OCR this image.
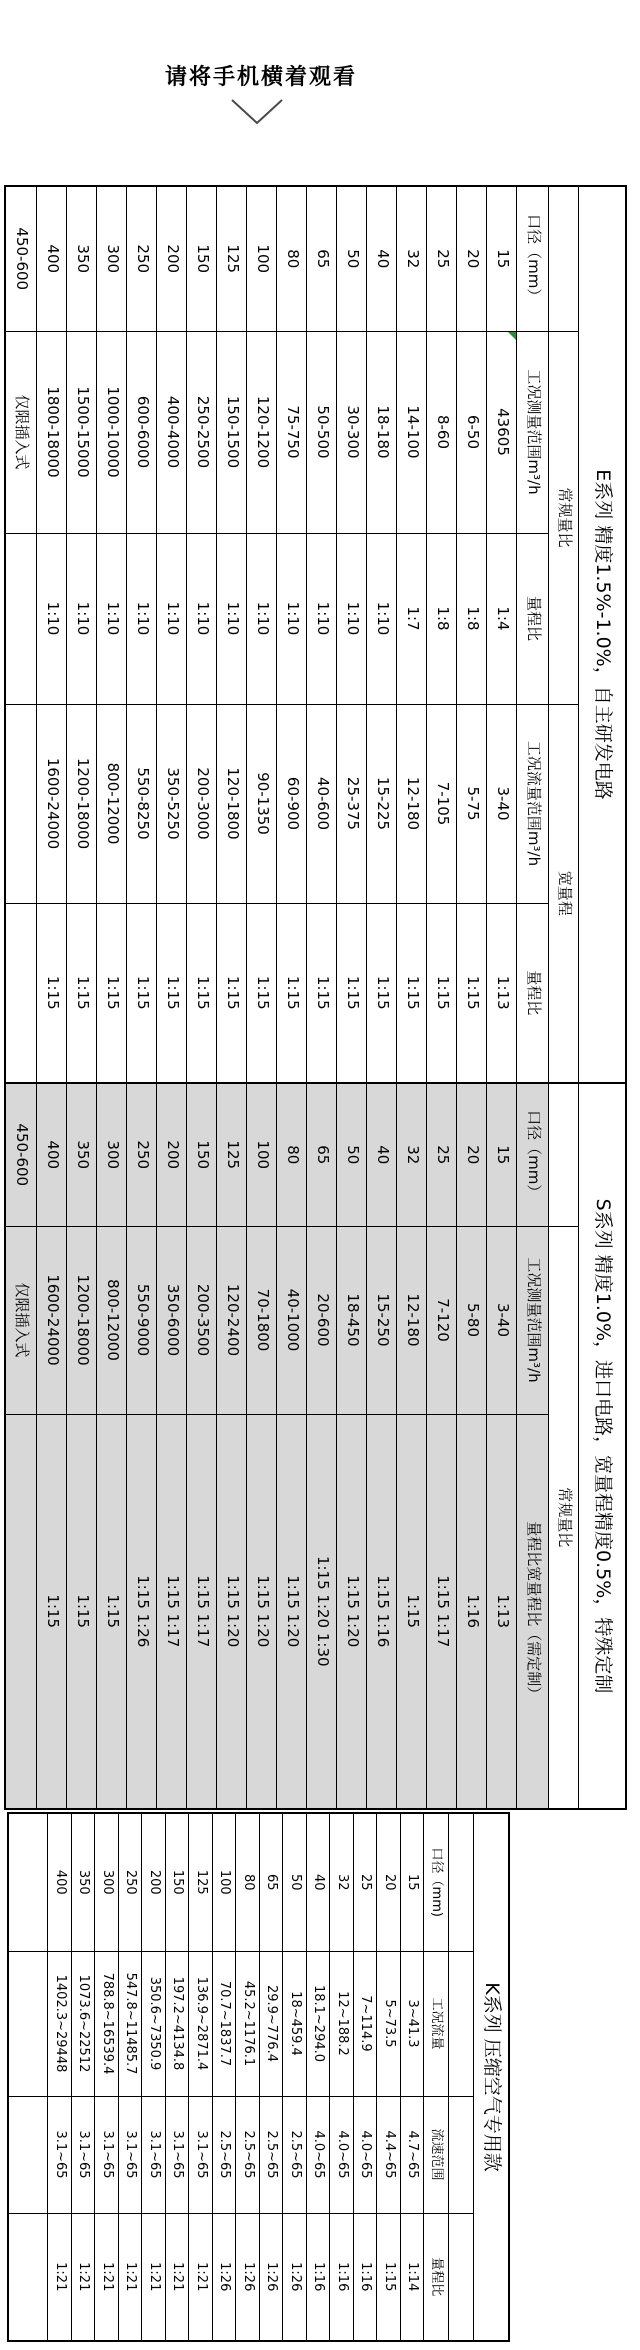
请将手机横着观看
E系列 精度1.5%-1.0%，自主研发电路				
	常规量比		宽量程	
口径（mm）	工况测量范围m³/h	量程比	工况流量范围m³/h	量程比
15	43605	1:4	3-40	1:13
20	6-50	1:8	5-75	1:15
25	8-60	1:8	7-105	1:15
32	14-100	1:7	12-180	1:15
40	18-180	1:10	15-225	1:15
50	30-300	1:10	25-375	1:15
65	50-500	1:10	40-600	1:15
80	75-750	1:10	60-900	1:15
100	120-1200	1:10	90-1350	1:15
125	150-1500	1:10	120-1800	1:15
150	250-2500	1:10	200-3000	1:15
200	400-4000	1:10	350-5250	1:15
250	600-6000	1:10	550-8250	1:15
300	1000-10000	1:10	800-12000	1:15
350	1500-15000	1:10	1200-18000	1:15
400	1800-18000	1:10	1600-24000	1:15
450-600	仅限插入式			
S系列 精度1.0%，进口电路，宽量程精度0.5%，特殊定制		
	常规量比	
口径（mm）	工况测量范围m³/h	量程比宽量程比（需定制）
15	3-40	1:13
20	5-80	1:16
25	7-120	1:15 1:17
32	12-180	1:15
40	15-250	1:15 1:16
50	18-450	1:15 1:20
65	20-600	1:15 1:20 1:30
80	40-1000	1:15 1:20
100	70-1800	1:15 1:20
125	120-2400	1:15 1:20
150	200-3500	1:15 1:17
200	350-6000	1:15 1:17
250	550-9000	1:15 1:26
300	800-12000	1:15
350	1200-18000	1:15
400	1600-24000	1:15
450-600	仅限插入式	
K系列 压缩空气专用款			

口径（mm)	工况流量	流速范围	量程比
15	3~41.3	4.7~65	1:14
20	5~73.5	4.4~65	1:15
25	7~114.9	4.0~65	1:16
32	12~188.2	4.0~65	1:16
40	18.1~294.0	4.0~65	1:16
50	18~459.4	2.5~65	1:26
65	29.9~776.4	2.5~65	1:26
80	45.2~1176.1	2.5~65	1:26
100	70.7~1837.7	2.5~65	1:26
125	136.9~2871.4	3.1~65	1:21
150	197.2~4134.8	3.1~65	1:21
200	350.6~7350.9	3.1~65	1:21
250	547.8~11485.7	3.1~65	1:21
300	788.8~16539.4	3.1~65	1:21
350	1073.6~22512	3.1~65	1:21
400	1402.3~29448	3.1~65	1:21
